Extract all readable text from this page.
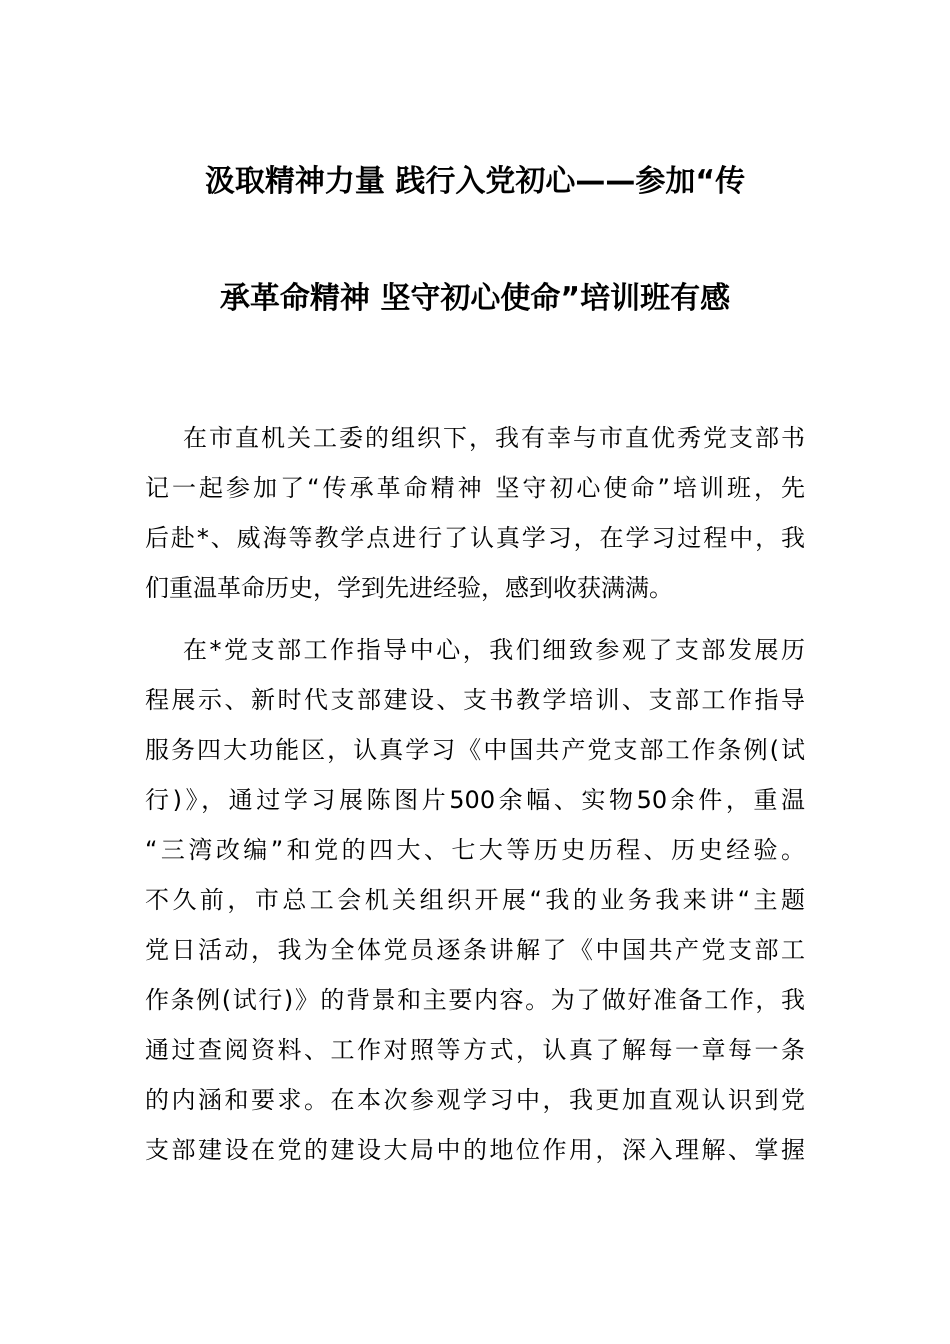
汲取精神力量 践行入党初心——参加“传
承革命精神 坚守初心使命”培训班有感
在市直机关工委的组织下，我有幸与市直优秀党支部书
记一起参加了“传承革命精神 坚守初心使命”培训班，先
后赴*、威海等教学点进行了认真学习，在学习过程中，我
们重温革命历史，学到先进经验，感到收获满满。
在*党支部工作指导中心，我们细致参观了支部发展历
程展示、新时代支部建设、支书教学培训、支部工作指导
服务四大功能区，认真学习《中国共产党支部工作条例(试
行)》，通过学习展陈图片500余幅、实物50余件，重温
“三湾改编”和党的四大、七大等历史历程、历史经验。
不久前，市总工会机关组织开展“我的业务我来讲“主题
党日活动，我为全体党员逐条讲解了《中国共产党支部工
作条例(试行)》的背景和主要内容。为了做好准备工作，我
通过查阅资料、工作对照等方式，认真了解每一章每一条
的内涵和要求。在本次参观学习中，我更加直观认识到党
支部建设在党的建设大局中的地位作用，深入理解、掌握
